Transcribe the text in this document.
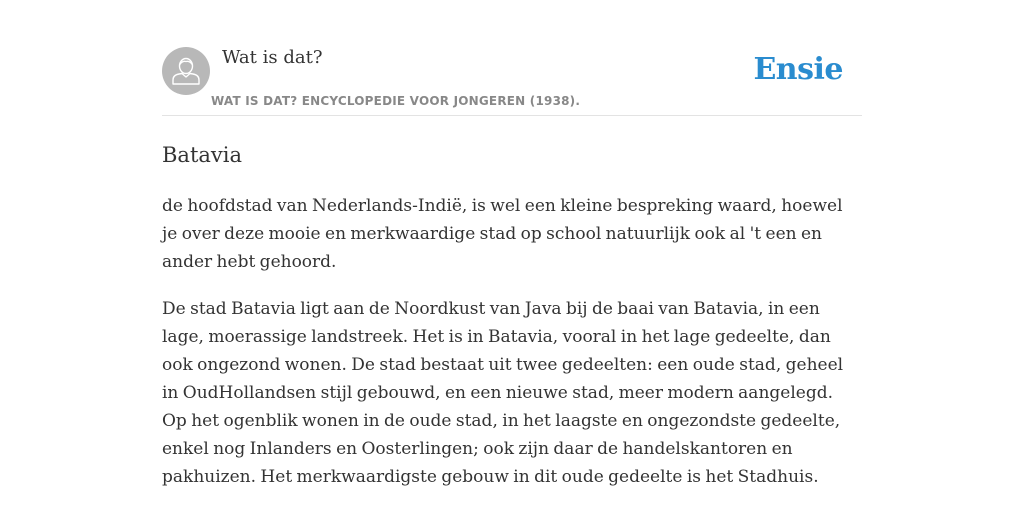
Wat is dat?
WAT IS DAT? ENCYCLOPEDIE VOOR JONGEREN (1938).
Ensie
Batavia

de hoofdstad van Nederlands-Indië, is wel een kleine bespreking waard, hoewel je over deze mooie en merkwaardige stad op school natuurlijk ook al 't een en ander hebt gehoord.

De stad Batavia ligt aan de Noordkust van Java bij de baai van Batavia, in een lage, moerassige landstreek. Het is in Batavia, vooral in het lage gedeelte, dan ook ongezond wonen. De stad bestaat uit twee gedeelten: een oude stad, geheel in OudHollandsen stijl gebouwd, en een nieuwe stad, meer modern aangelegd. Op het ogenblik wonen in de oude stad, in het laagste en ongezondste gedeelte, enkel nog Inlanders en Oosterlingen; ook zijn daar de handelskantoren en pakhuizen. Het merkwaardigste gebouw in dit oude gedeelte is het Stadhuis.
